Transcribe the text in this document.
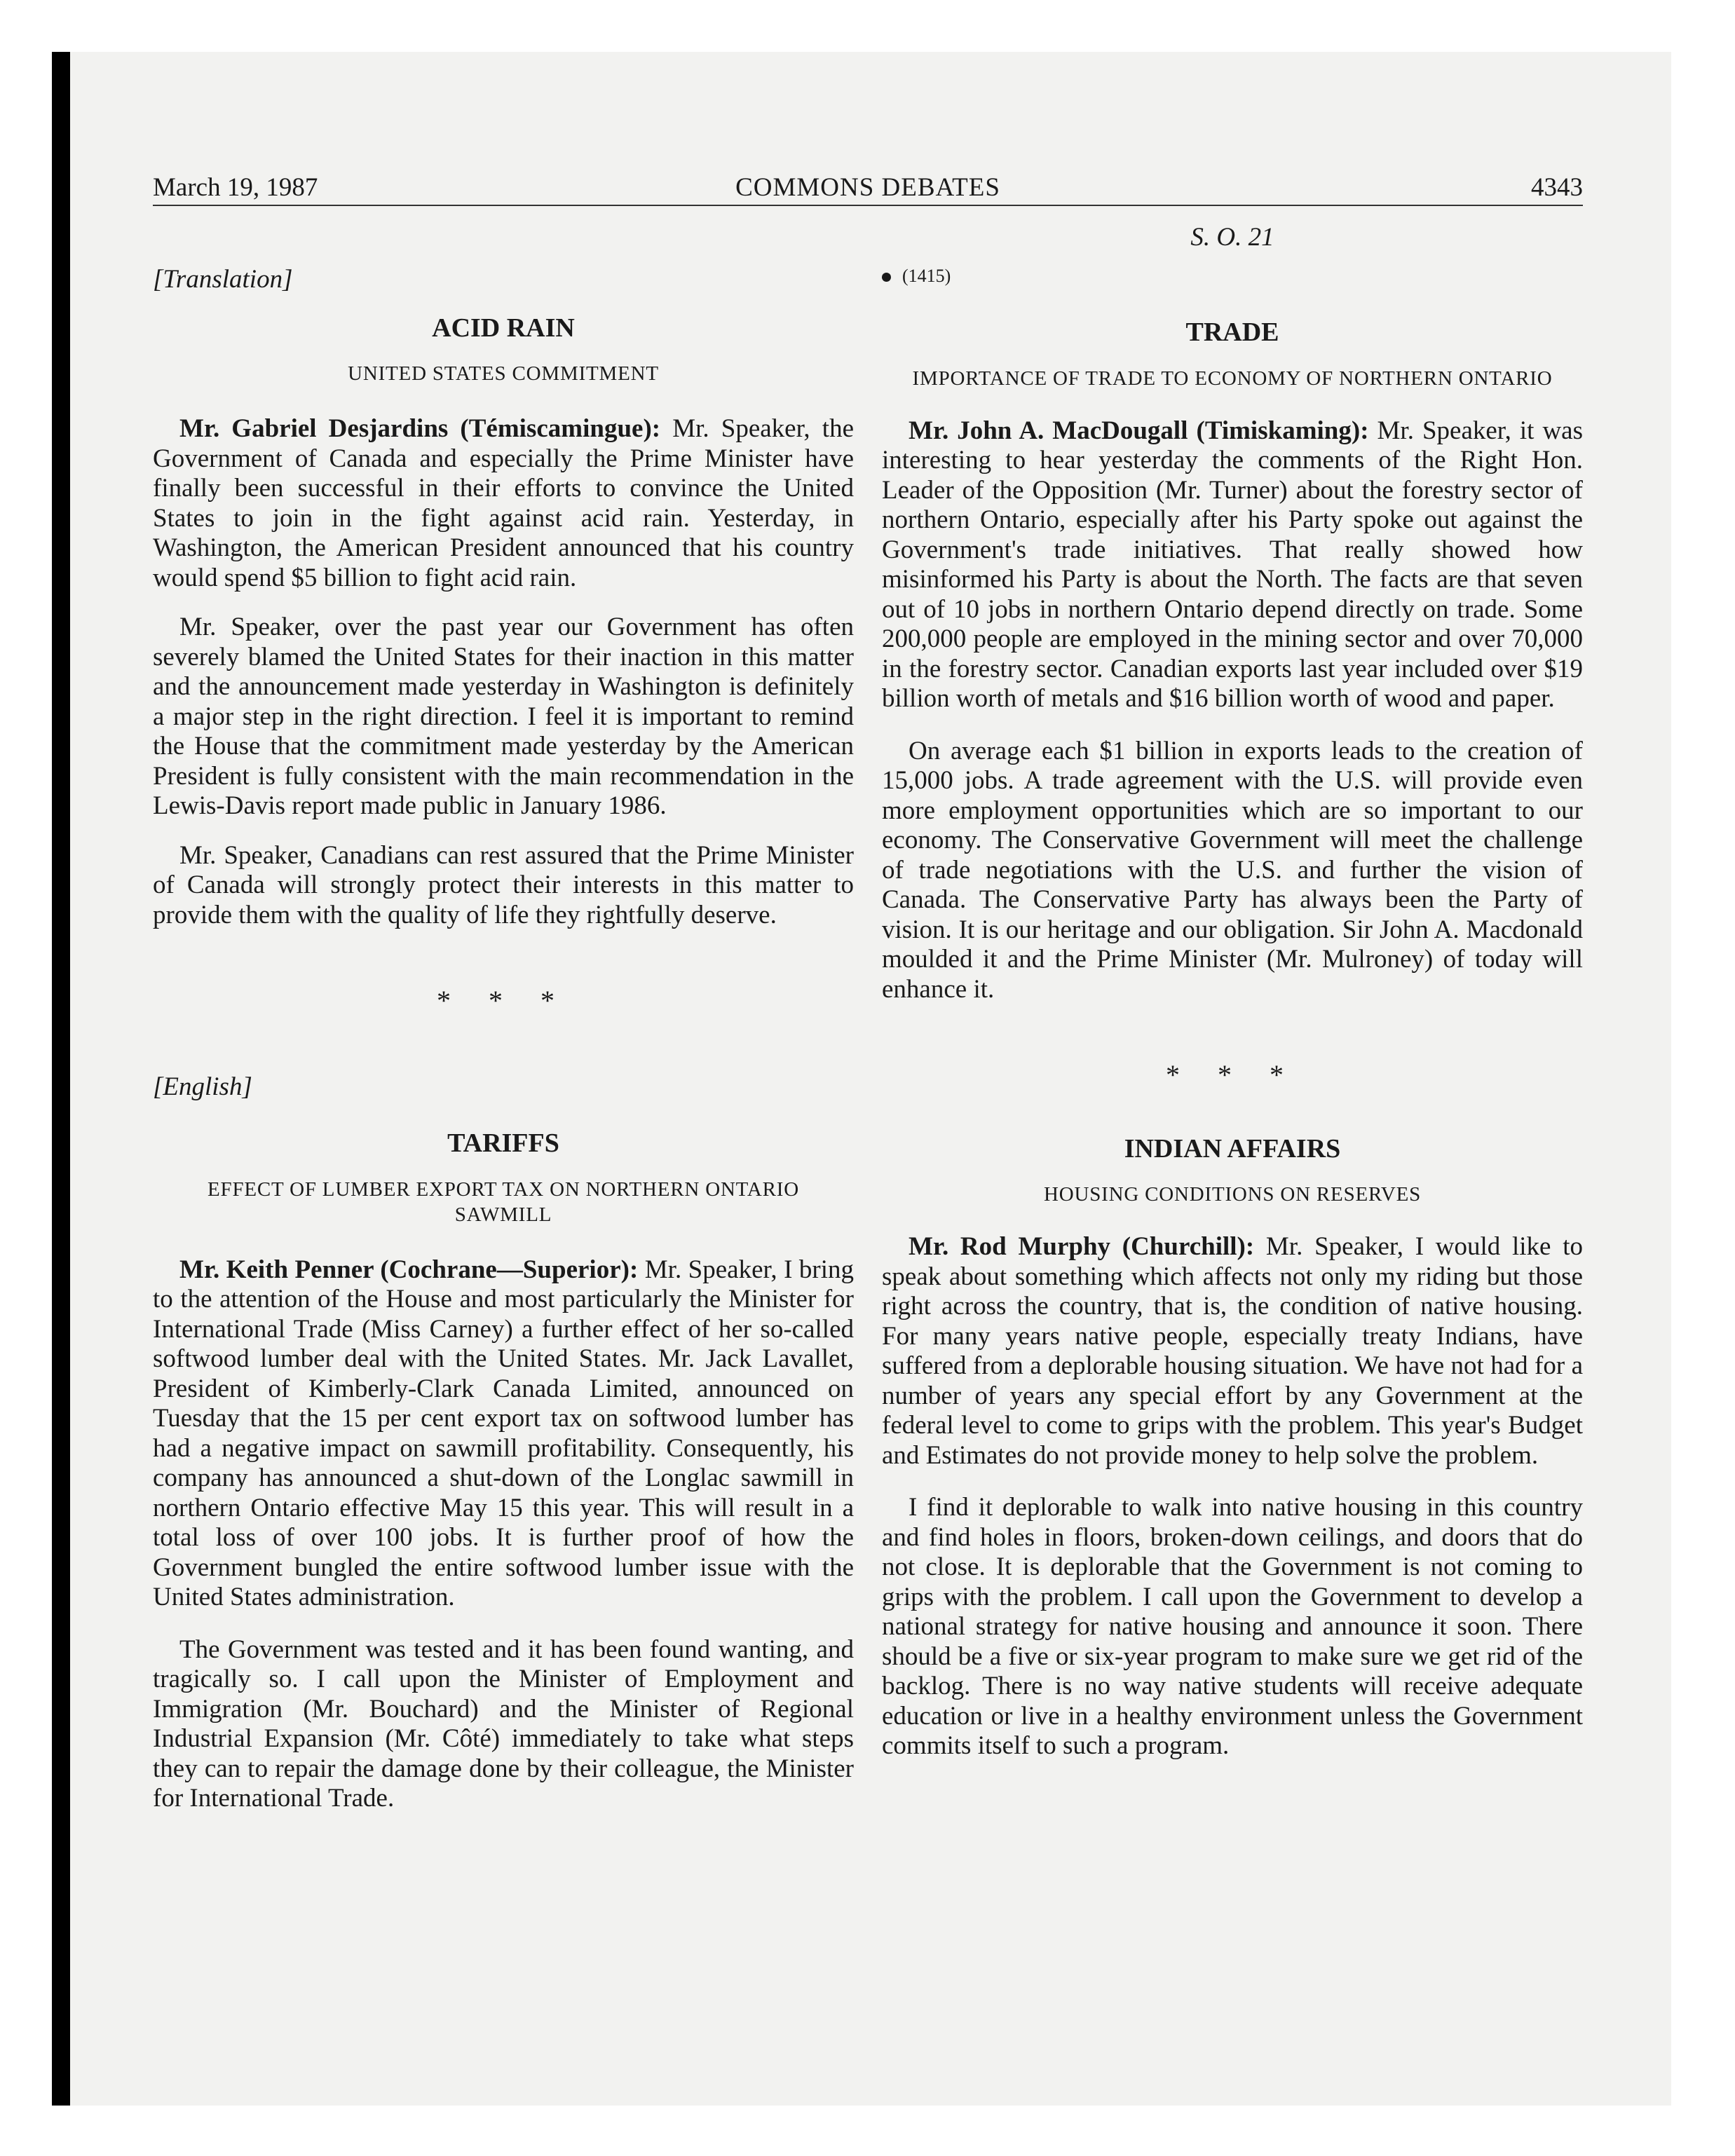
March 19, 1987	COMMONS DEBATES	4343

[Translation]

ACID RAIN
UNITED STATES COMMITMENT

Mr. Gabriel Desjardins (Témiscamingue): Mr. Speaker, the Government of Canada and especially the Prime Minister have finally been successful in their efforts to convince the United States to join in the fight against acid rain. Yesterday, in Washington, the American President announced that his country would spend $5 billion to fight acid rain.

Mr. Speaker, over the past year our Government has often severely blamed the United States for their inaction in this matter and the announcement made yesterday in Washington is definitely a major step in the right direction. I feel it is important to remind the House that the commitment made yesterday by the American President is fully consistent with the main recommendation in the Lewis-Davis report made public in January 1986.

Mr. Speaker, Canadians can rest assured that the Prime Minister of Canada will strongly protect their interests in this matter to provide them with the quality of life they rightfully deserve.

* * *

[English]

TARIFFS
EFFECT OF LUMBER EXPORT TAX ON NORTHERN ONTARIO SAWMILL

Mr. Keith Penner (Cochrane—Superior): Mr. Speaker, I bring to the attention of the House and most particularly the Minister for International Trade (Miss Carney) a further effect of her so-called softwood lumber deal with the United States. Mr. Jack Lavallet, President of Kimberly-Clark Canada Limited, announced on Tuesday that the 15 per cent export tax on softwood lumber has had a negative impact on sawmill profitability. Consequently, his company has announced a shut-down of the Longlac sawmill in northern Ontario effective May 15 this year. This will result in a total loss of over 100 jobs. It is further proof of how the Government bungled the entire softwood lumber issue with the United States administration.

The Government was tested and it has been found wanting, and tragically so. I call upon the Minister of Employment and Immigration (Mr. Bouchard) and the Minister of Regional Industrial Expansion (Mr. Côté) immediately to take what steps they can to repair the damage done by their colleague, the Minister for International Trade.

S. O. 21
(1415)
TRADE
IMPORTANCE OF TRADE TO ECONOMY OF NORTHERN ONTARIO

Mr. John A. MacDougall (Timiskaming): Mr. Speaker, it was interesting to hear yesterday the comments of the Right Hon. Leader of the Opposition (Mr. Turner) about the forestry sector of northern Ontario, especially after his Party spoke out against the Government's trade initiatives. That really showed how misinformed his Party is about the North. The facts are that seven out of 10 jobs in northern Ontario depend directly on trade. Some 200,000 people are employed in the mining sector and over 70,000 in the forestry sector. Canadian exports last year included over $19 billion worth of metals and $16 billion worth of wood and paper.

On average each $1 billion in exports leads to the creation of 15,000 jobs. A trade agreement with the U.S. will provide even more employment opportunities which are so important to our economy. The Conservative Government will meet the challenge of trade negotiations with the U.S. and further the vision of Canada. The Conservative Party has always been the Party of vision. It is our heritage and our obligation. Sir John A. Macdonald moulded it and the Prime Minister (Mr. Mulroney) of today will enhance it.

* * *
INDIAN AFFAIRS
HOUSING CONDITIONS ON RESERVES

Mr. Rod Murphy (Churchill): Mr. Speaker, I would like to speak about something which affects not only my riding but those right across the country, that is, the condition of native housing. For many years native people, especially treaty Indians, have suffered from a deplorable housing situation. We have not had for a number of years any special effort by any Government at the federal level to come to grips with the problem. This year's Budget and Estimates do not provide money to help solve the problem.

I find it deplorable to walk into native housing in this country and find holes in floors, broken-down ceilings, and doors that do not close. It is deplorable that the Government is not coming to grips with the problem. I call upon the Government to develop a national strategy for native housing and announce it soon. There should be a five or six-year program to make sure we get rid of the backlog. There is no way native students will receive adequate education or live in a healthy environment unless the Government commits itself to such a program.
